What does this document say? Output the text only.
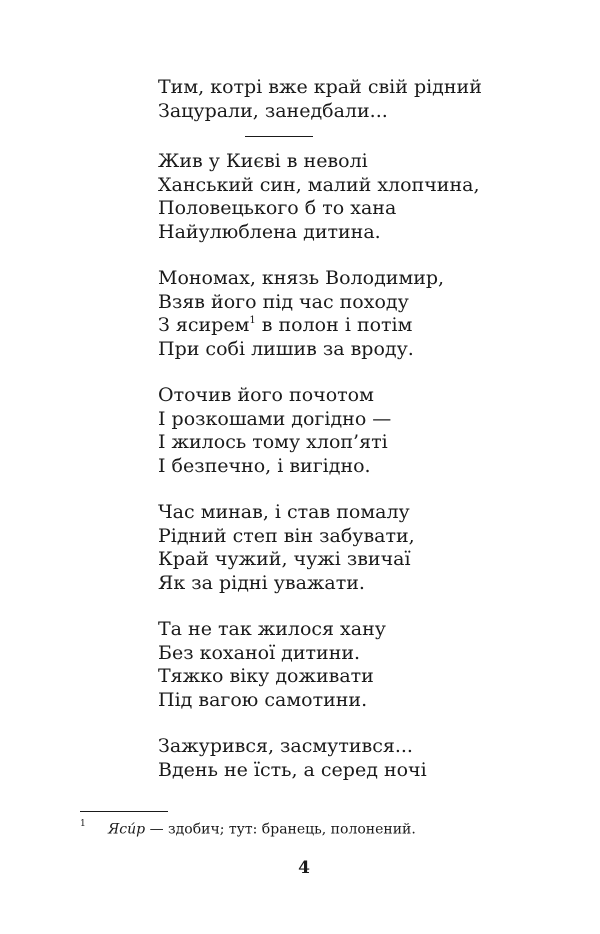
Тим, котрі вже край свій рідний
Зацурали, занедбали...
Жив у Києві в неволі
Ханський син, малий хлопчина,
Половецького б то хана
Найулюблена дитина.
Мономах, князь Володимир,
Взяв його під час походу
З ясирем$^1$ в полон і потім
При собі лишив за вроду.
Оточив його почотом
І розкошами догідно —
І жилось тому хлоп’яті
І безпечно, і вигідно.
Час минав, і став помалу
Рідний степ він забувати,
Край чужий, чужі звичаї
Як за рідні уважати.
Та не так жилося хану
Без коханої дитини.
Тяжко віку доживати
Під вагою самотини.
Зажурився, засмутився...
Вдень не їсть, а серед ночі
1 Яси́р — здобич; тут: бранець, полонений.
4
